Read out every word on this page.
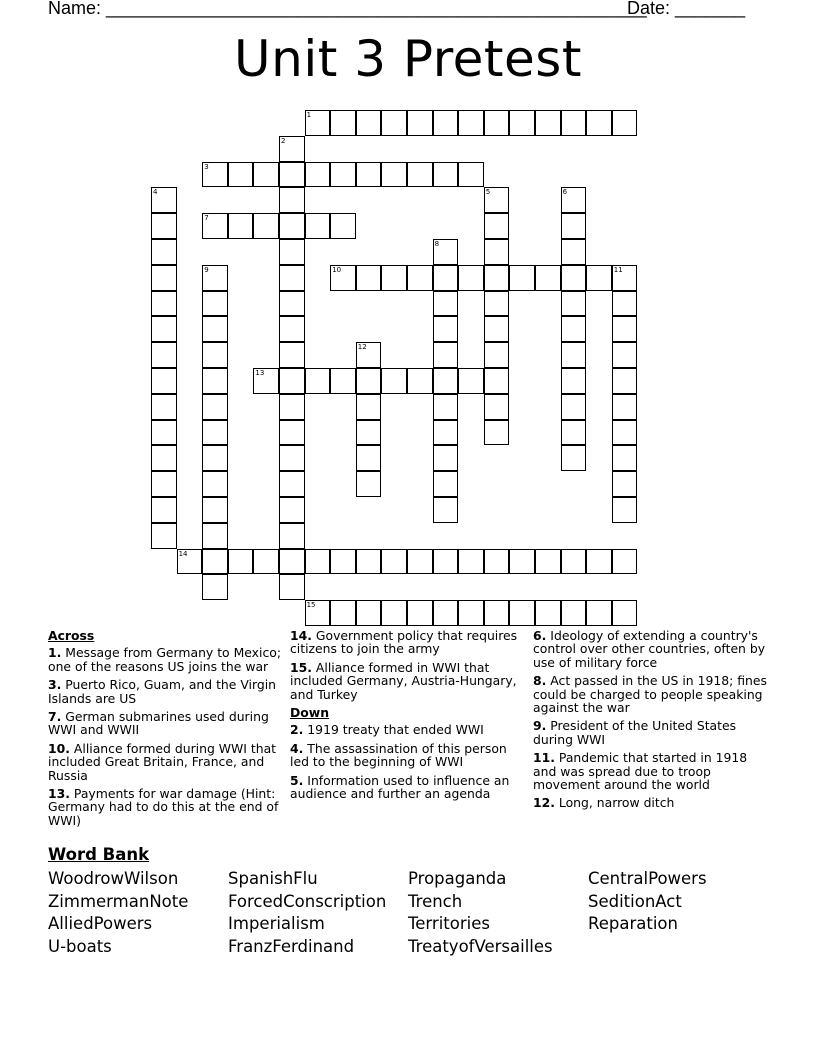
Name: ______________________________________________________
Date: _______
Unit 3 Pretest
1
2
3
4	5	6
7
8
9	10	11
12
13
14
15
Across
1. Message from Germany to Mexico; one of the reasons US joins the war
3. Puerto Rico, Guam, and the Virgin Islands are US
7. German submarines used during WWI and WWII
10. Alliance formed during WWI that included Great Britain, France, and Russia
13. Payments for war damage (Hint: Germany had to do this at the end of WWI)
14. Government policy that requires citizens to join the army
15. Alliance formed in WWI that included Germany, Austria-Hungary, and Turkey
Down
2. 1919 treaty that ended WWI
4. The assassination of this person led to the beginning of WWI
5. Information used to influence an audience and further an agenda
6. Ideology of extending a country's control over other countries, often by use of military force
8. Act passed in the US in 1918; fines could be charged to people speaking against the war
9. President of the United States during WWI
11. Pandemic that started in 1918 and was spread due to troop movement around the world
12. Long, narrow ditch
Word Bank
WoodrowWilson	SpanishFlu	Propaganda	CentralPowers
ZimmermanNote ForcedConscription Trench	SeditionAct
AlliedPowers	Imperialism	Territories	Reparation
U-boats	FranzFerdinand	TreatyofVersailles
